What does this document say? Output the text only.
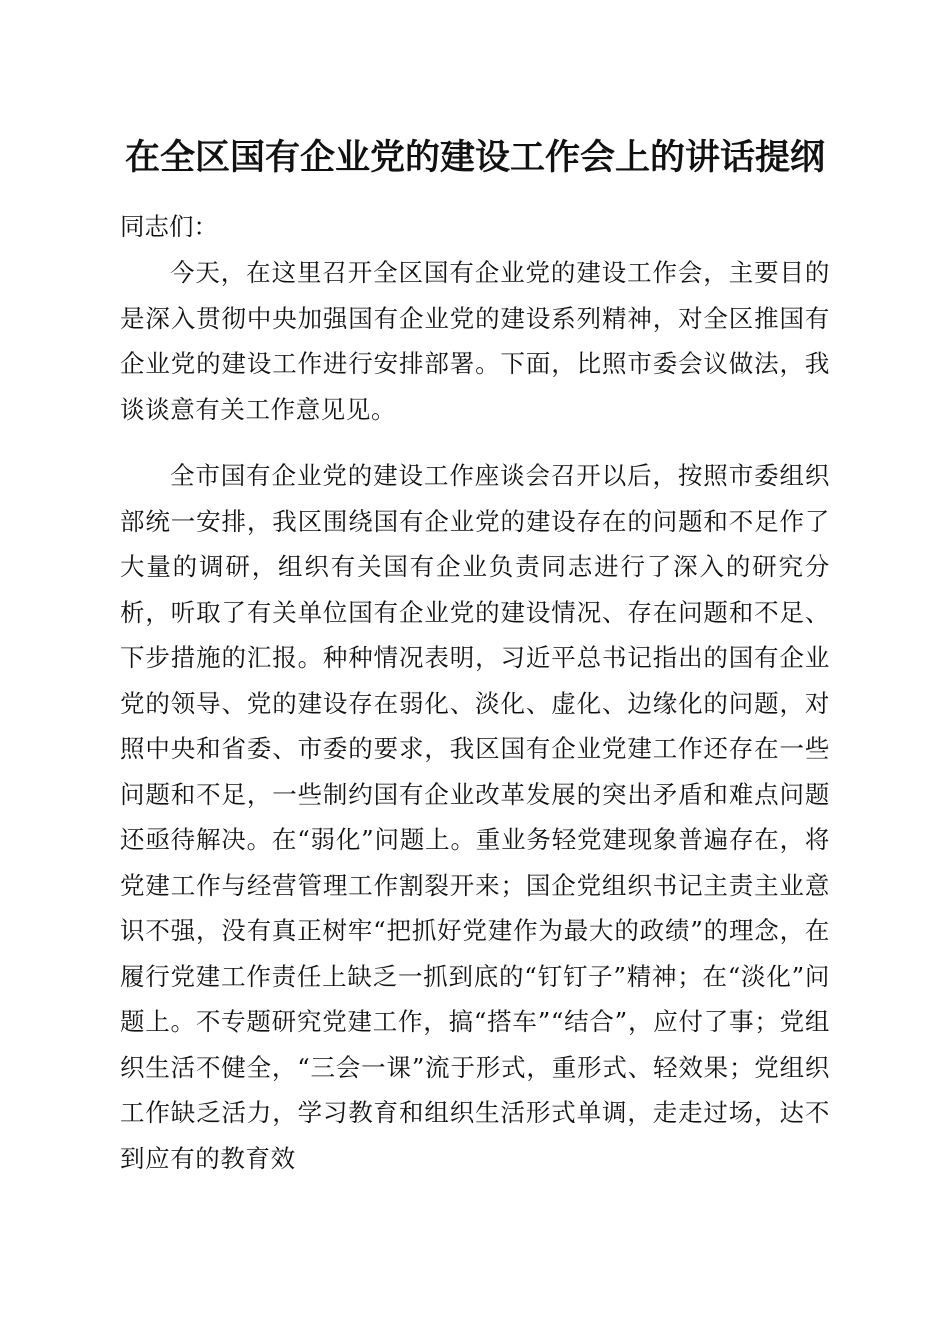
在全区国有企业党的建设工作会上的讲话提纲
同志们：
今天，在这里召开全区国有企业党的建设工作会，主要目的是深入贯彻中央加强国有企业党的建设系列精神，对全区推国有企业党的建设工作进行安排部署。下面，比照市委会议做法，我谈谈意有关工作意见见。
全市国有企业党的建设工作座谈会召开以后，按照市委组织部统一安排，我区围绕国有企业党的建设存在的问题和不足作了大量的调研，组织有关国有企业负责同志进行了深入的研究分析，听取了有关单位国有企业党的建设情况、存在问题和不足、下步措施的汇报。种种情况表明，习近平总书记指出的国有企业党的领导、党的建设存在弱化、淡化、虚化、边缘化的问题，对照中央和省委、市委的要求，我区国有企业党建工作还存在一些问题和不足，一些制约国有企业改革发展的突出矛盾和难点问题还亟待解决。在“弱化”问题上。重业务轻党建现象普遍存在，将党建工作与经营管理工作割裂开来；国企党组织书记主责主业意识不强，没有真正树牢“把抓好党建作为最大的政绩”的理念，在履行党建工作责任上缺乏一抓到底的“钉钉子”精神；在“淡化”问题上。不专题研究党建工作，搞“搭车”“结合”，应付了事；党组织生活不健全，“三会一课”流于形式，重形式、轻效果；党组织工作缺乏活力，学习教育和组织生活形式单调，走走过场，达不到应有的教育效
